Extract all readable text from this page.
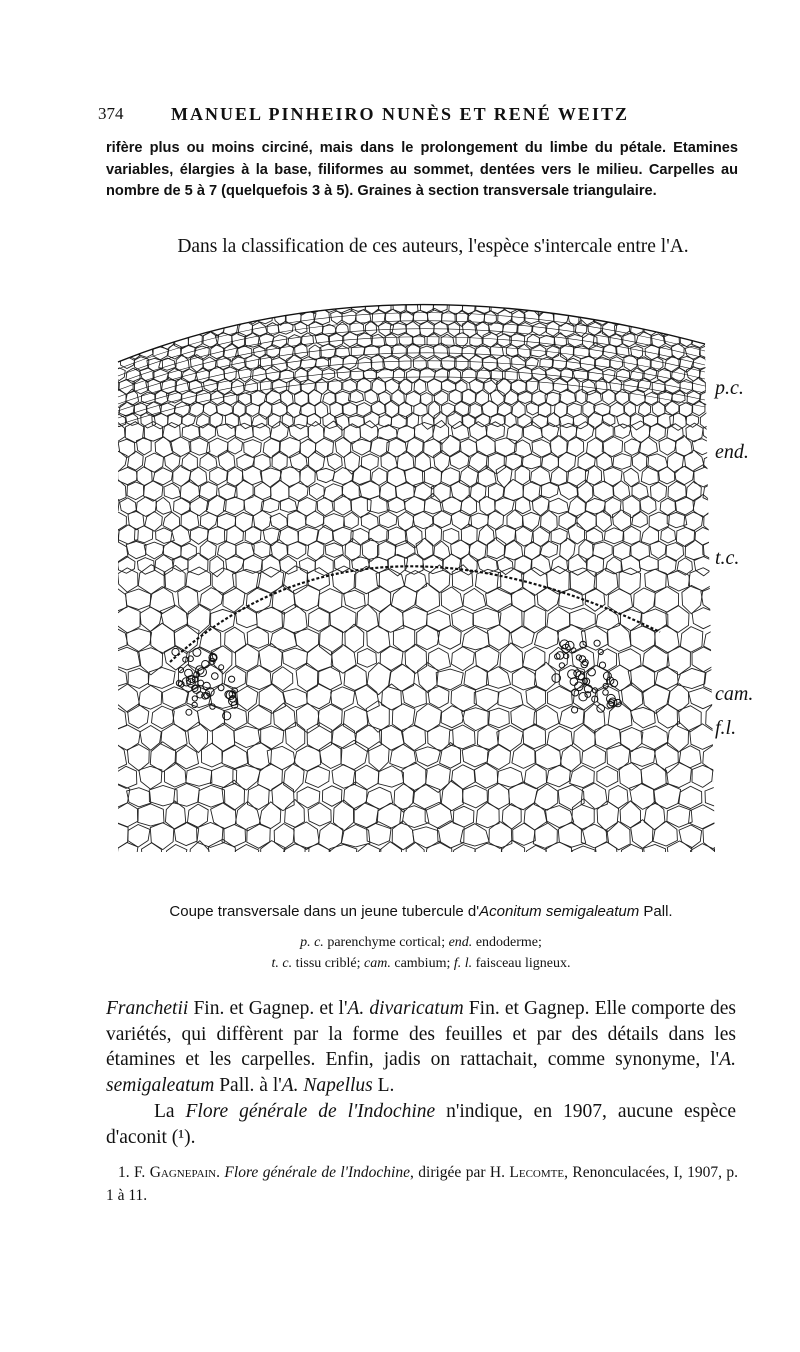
374	MANUEL PINHEIRO NUNÈS ET RENÉ WEITZ
rifère plus ou moins circiné, mais dans le prolongement du limbe du pétale. Etamines variables, élargies à la base, filiformes au sommet, dentées vers le milieu. Carpelles au nombre de 5 à 7 (quelquefois 3 à 5). Graines à section transversale triangulaire.
Dans la classification de ces auteurs, l'espèce s'intercale entre l'A.
p.c.
end.
t.c.
cam.
f.l.
Coupe transversale dans un jeune tubercule d'Aconitum semigaleatum Pall.
p. c. parenchyme cortical; end. endoderme;
t. c. tissu criblé; cam. cambium; f. l. faisceau ligneux.

Franchetii Fin. et Gagnep. et l'A. divaricatum Fin. et Gagnep. Elle comporte des variétés, qui diffèrent par la forme des feuilles et par des détails dans les étamines et les carpelles. Enfin, jadis on rattachait, comme synonyme, l'A. semigaleatum Pall. à l'A. Napellus L.

La Flore générale de l'Indochine n'indique, en 1907, aucune espèce d'aconit (¹).

1. F. Gagnepain. Flore générale de l'Indochine, dirigée par H. Lecomte, Renonculacées, I, 1907, p. 1 à 11.
